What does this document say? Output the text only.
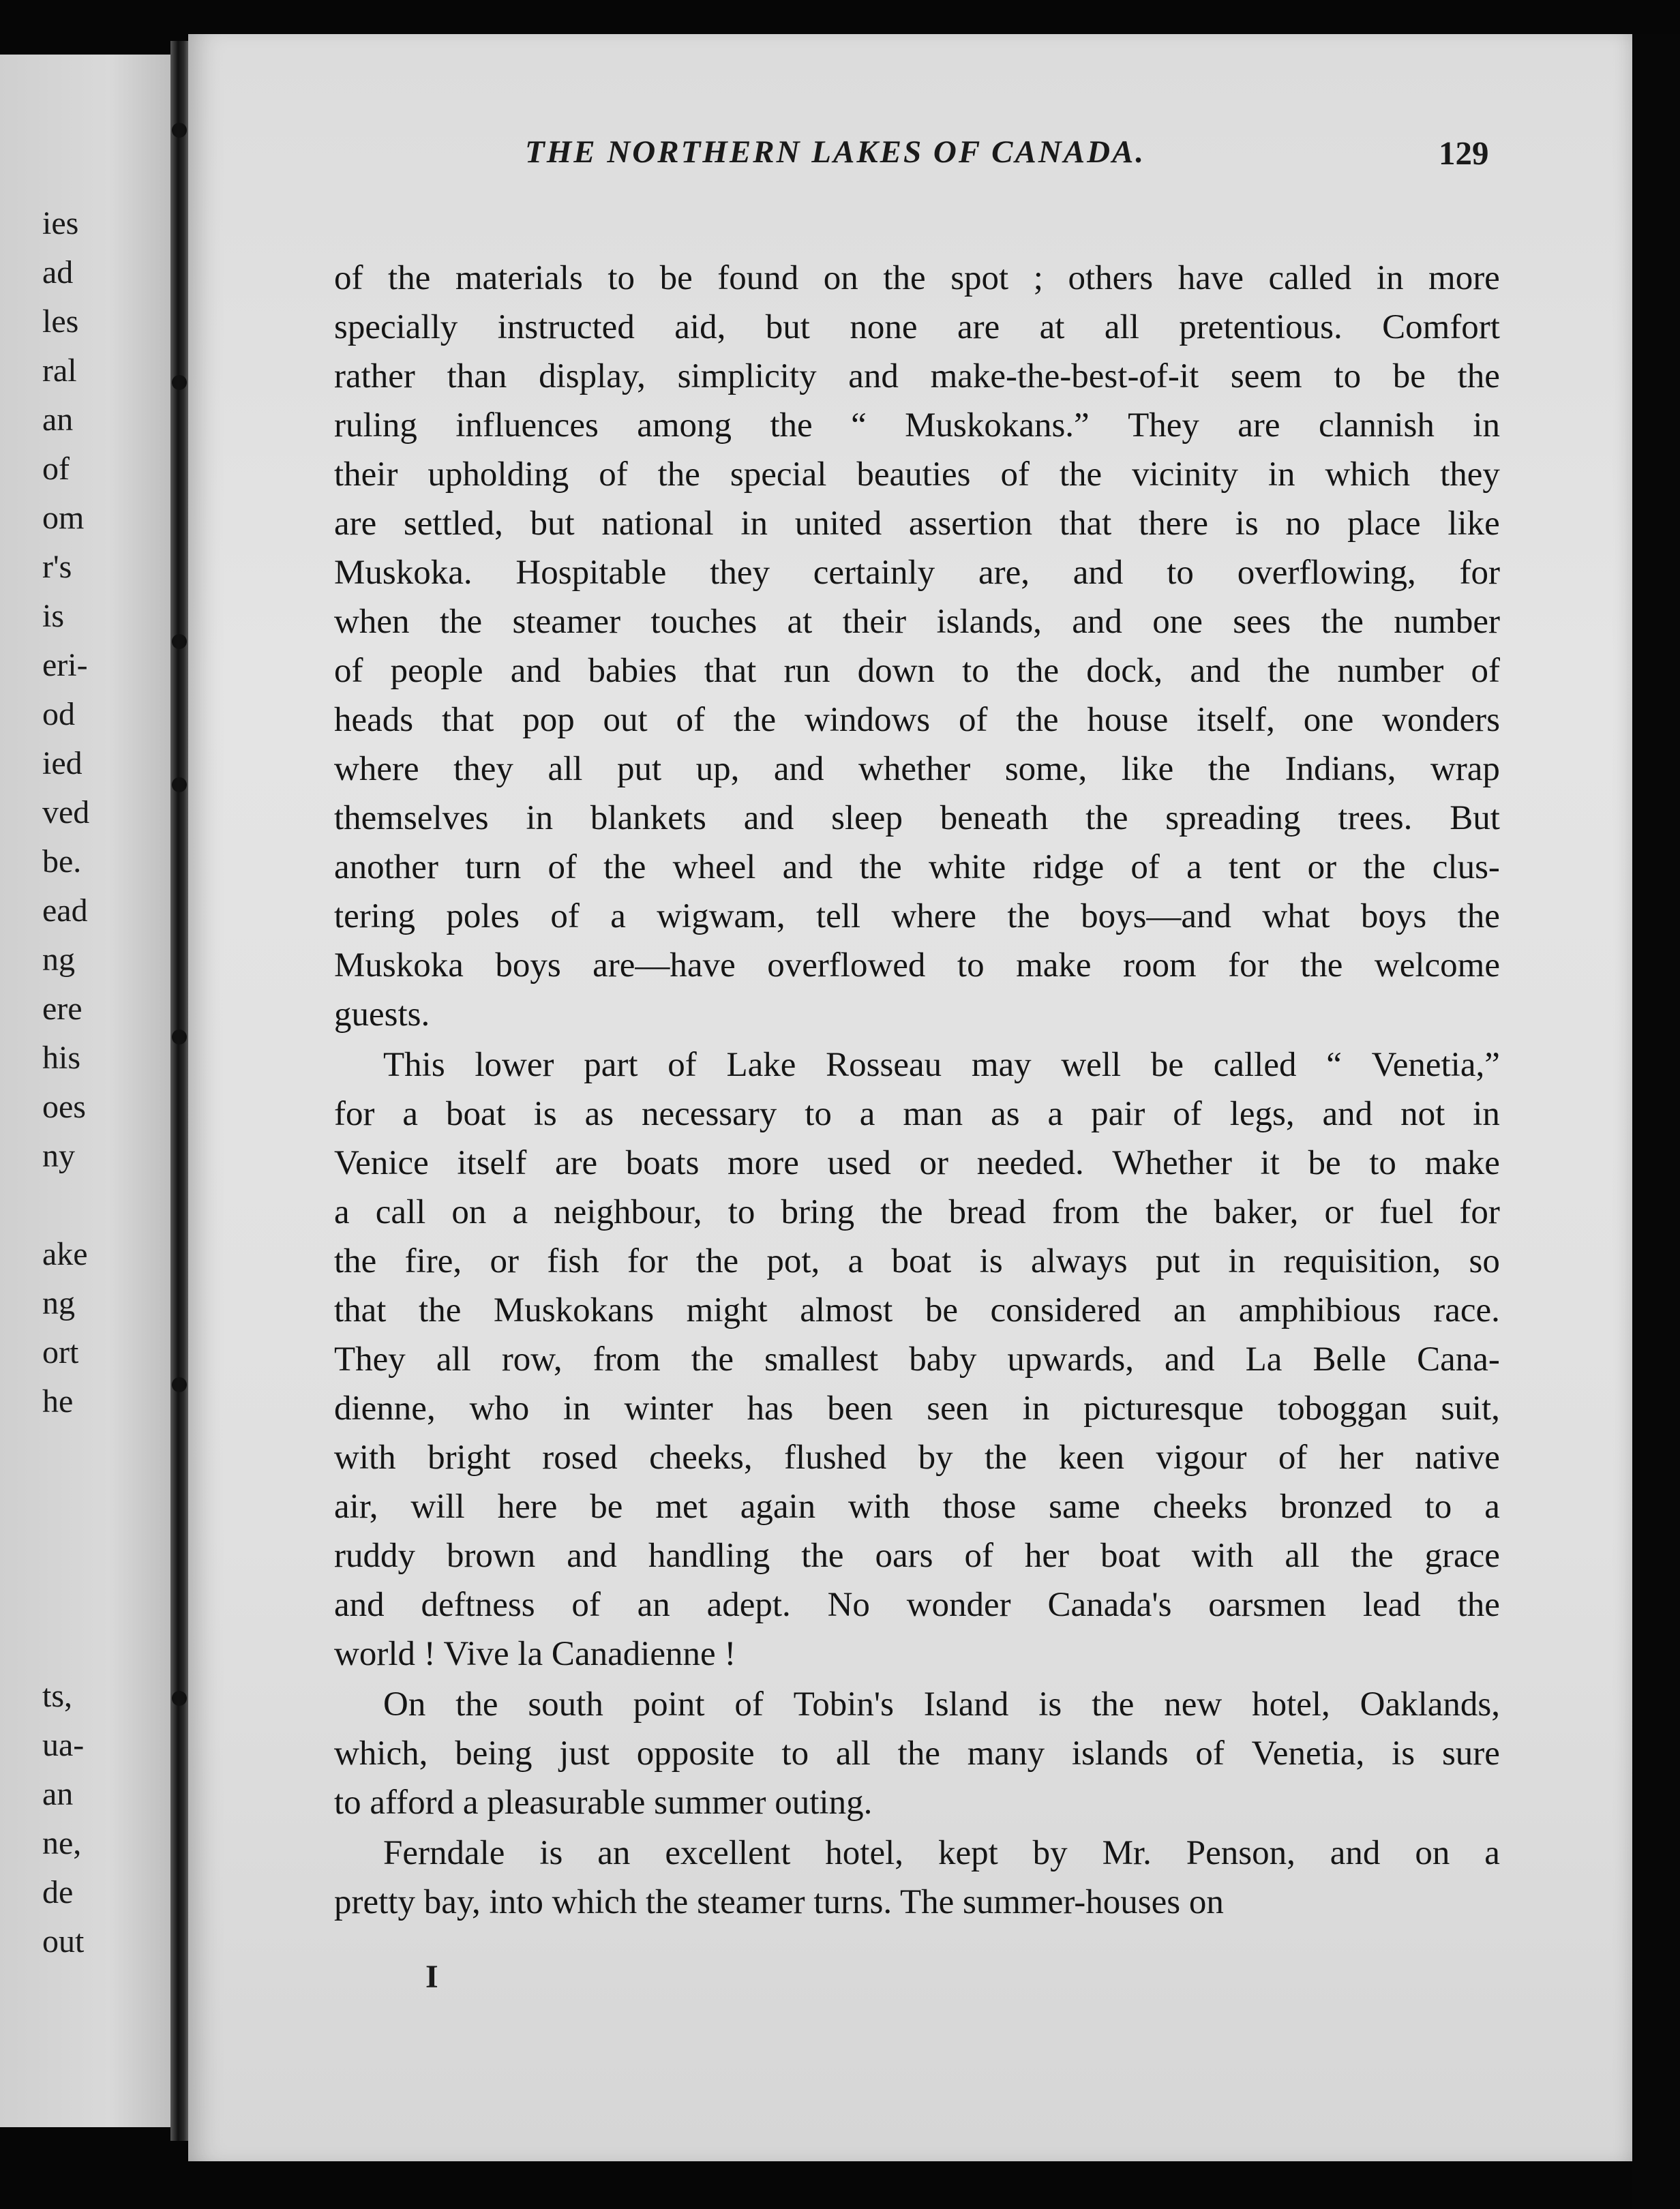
ies
ad
les
ral
an
of
om
r's
is
eri-
od
ied
ved
be.
ead
ng
ere
his
oes
ny
ake
ng
ort
he
ts,
ua-
an
ne,
de
out
THE NORTHERN LAKES OF CANADA.	129
of the materials to be found on the spot ; others have called in more
specially instructed aid, but none are at all pretentious. Comfort
rather than display, simplicity and make-the-best-of-it seem to be the
ruling influences among the “ Muskokans.” They are clannish in
their upholding of the special beauties of the vicinity in which they
are settled, but national in united assertion that there is no place like
Muskoka. Hospitable they certainly are, and to overflowing, for
when the steamer touches at their islands, and one sees the number
of people and babies that run down to the dock, and the number of
heads that pop out of the windows of the house itself, one wonders
where they all put up, and whether some, like the Indians, wrap
themselves in blankets and sleep beneath the spreading trees. But
another turn of the wheel and the white ridge of a tent or the clus-
tering poles of a wigwam, tell where the boys—and what boys the
Muskoka boys are—have overflowed to make room for the welcome
guests.
This lower part of Lake Rosseau may well be called “ Venetia,”
for a boat is as necessary to a man as a pair of legs, and not in
Venice itself are boats more used or needed. Whether it be to make
a call on a neighbour, to bring the bread from the baker, or fuel for
the fire, or fish for the pot, a boat is always put in requisition, so
that the Muskokans might almost be considered an amphibious race.
They all row, from the smallest baby upwards, and La Belle Cana-
dienne, who in winter has been seen in picturesque toboggan suit,
with bright rosed cheeks, flushed by the keen vigour of her native
air, will here be met again with those same cheeks bronzed to a
ruddy brown and handling the oars of her boat with all the grace
and deftness of an adept. No wonder Canada's oarsmen lead the
world ! Vive la Canadienne !
On the south point of Tobin's Island is the new hotel, Oaklands,
which, being just opposite to all the many islands of Venetia, is sure
to afford a pleasurable summer outing.
Ferndale is an excellent hotel, kept by Mr. Penson, and on a
pretty bay, into which the steamer turns. The summer-houses on
I
